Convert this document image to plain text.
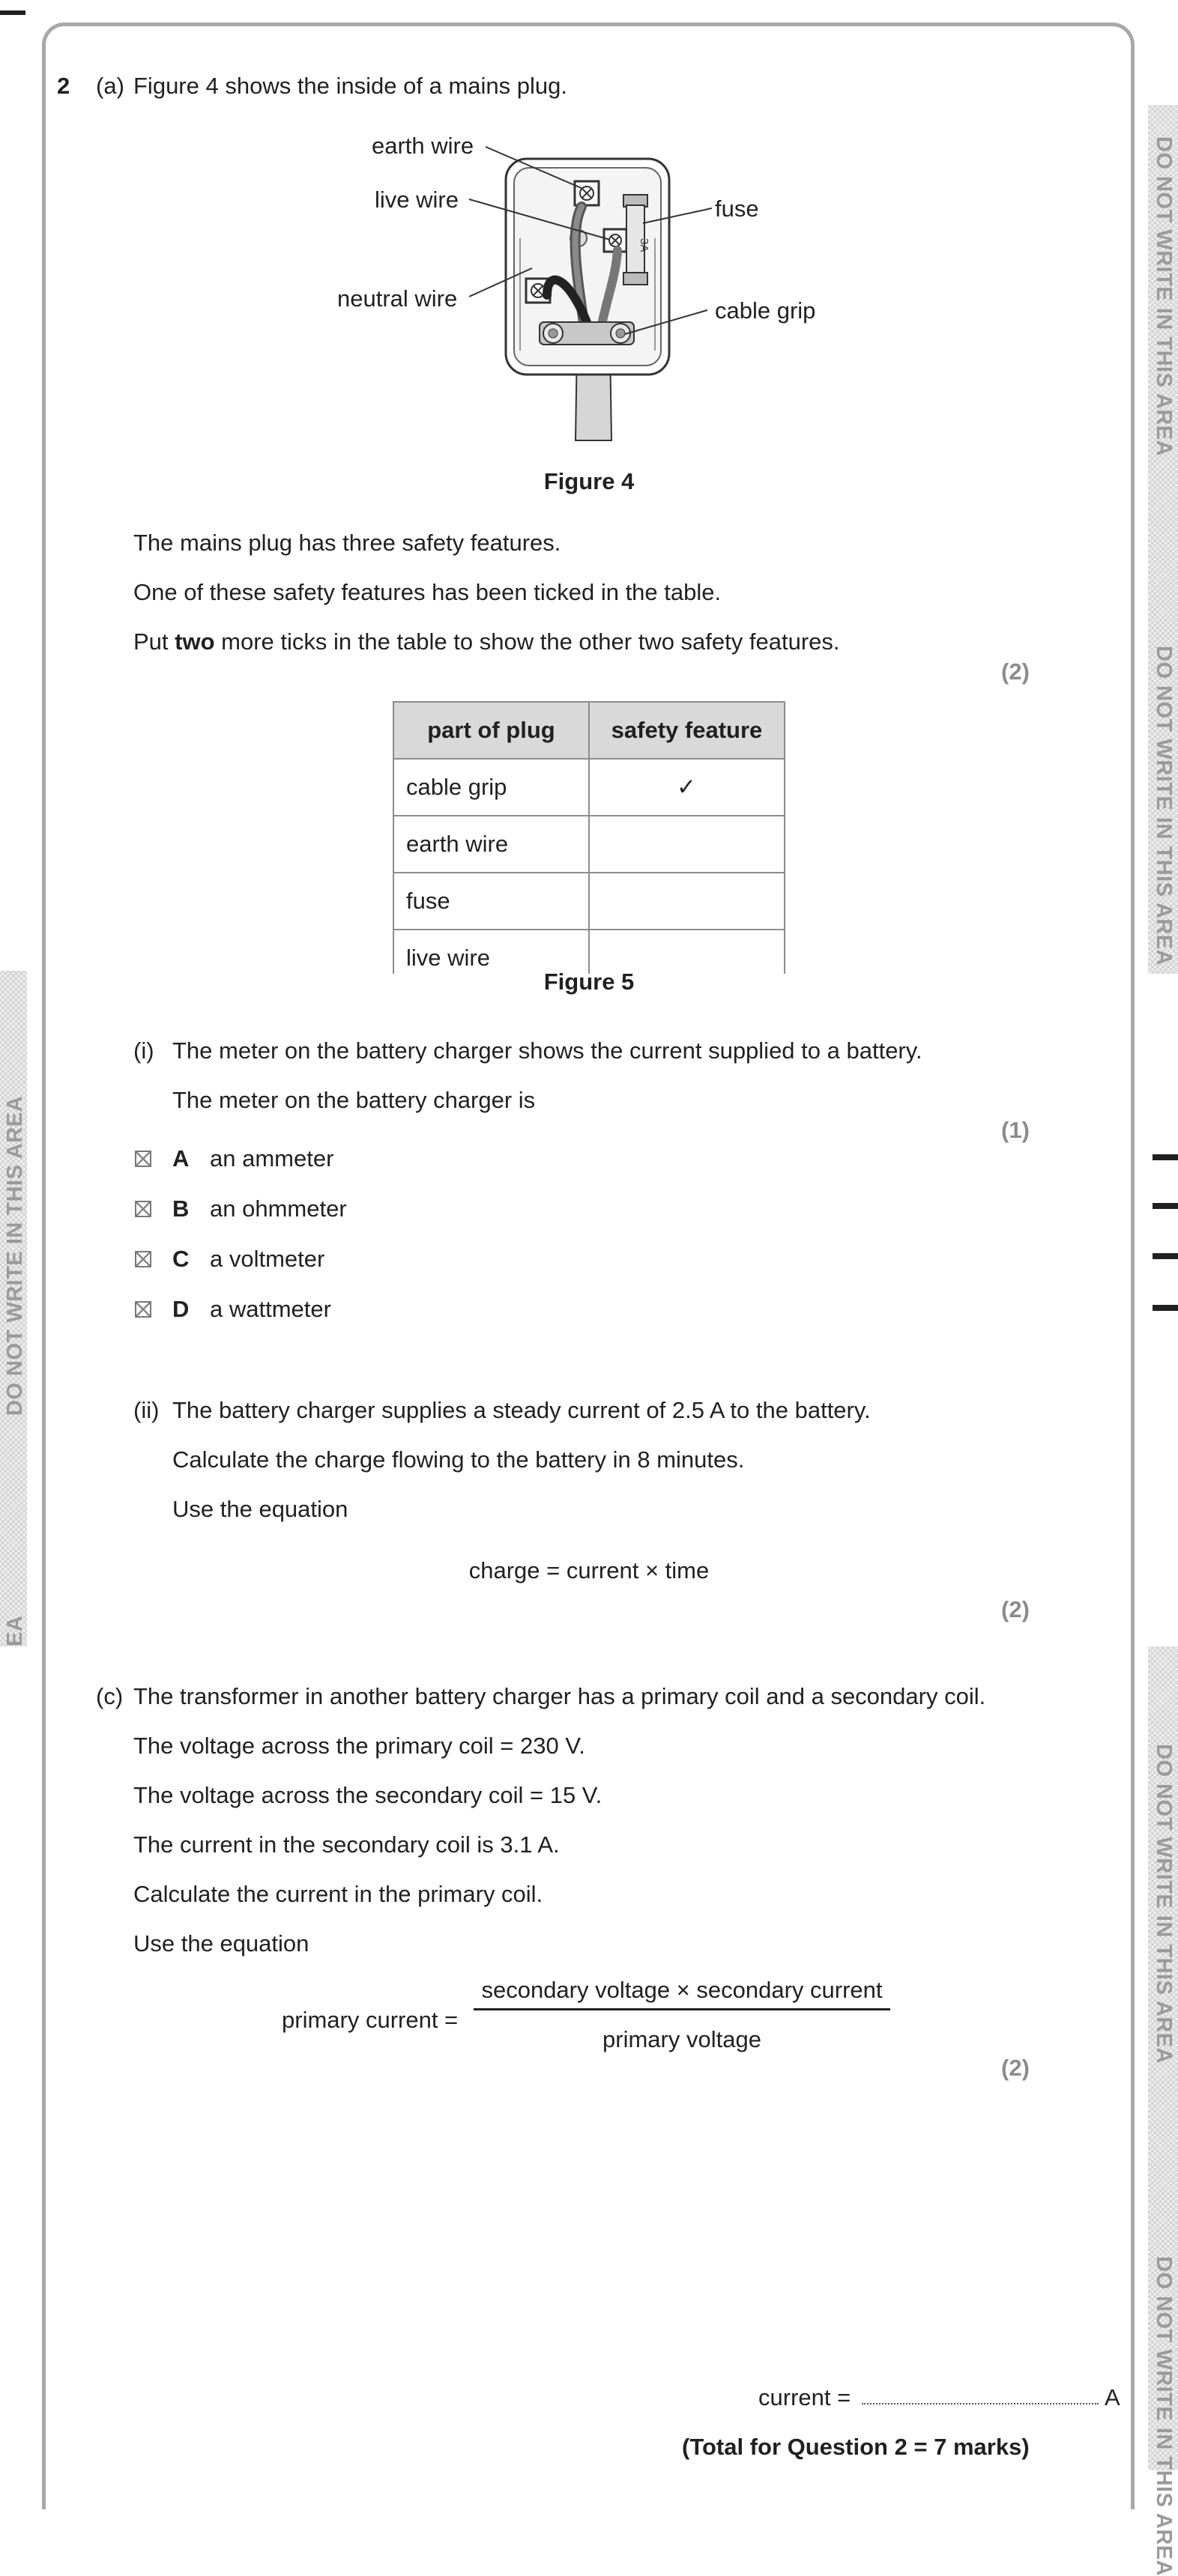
DO NOT WRITE IN THIS AREA
DO NOT WRITE IN THIS AREA
DO NOT WRITE IN THIS AREA
DO NOT WRITE IN THIS AREA
DO NOT WRITE IN THIS AREA
EA
2 (a) Figure 4 shows the inside of a mains plug.
3A
earth wire
live wire
neutral wire
fuse
cable grip
Figure 4
The mains plug has three safety features.
One of these safety features has been ticked in the table.
Put two more ticks in the table to show the other two safety features.
(2)
part of plug	safety feature
cable grip	✓
earth wire	
fuse	
live wire	
Figure 5
(i) The meter on the battery charger shows the current supplied to a battery.
The meter on the battery charger is
(1)
A an ammeter
B an ohmmeter
C a voltmeter
D a wattmeter
(ii) The battery charger supplies a steady current of 2.5 A to the battery.
Calculate the charge flowing to the battery in 8 minutes.
Use the equation
charge = current × time
(2)
(c) The transformer in another battery charger has a primary coil and a secondary coil.
The voltage across the primary coil = 230 V.
The voltage across the secondary coil = 15 V.
The current in the secondary coil is 3.1 A.
Calculate the current in the primary coil.
Use the equation
primary current =
secondary voltage × secondary current
primary voltage
(2)
current =	A
(Total for Question 2 = 7 marks)
